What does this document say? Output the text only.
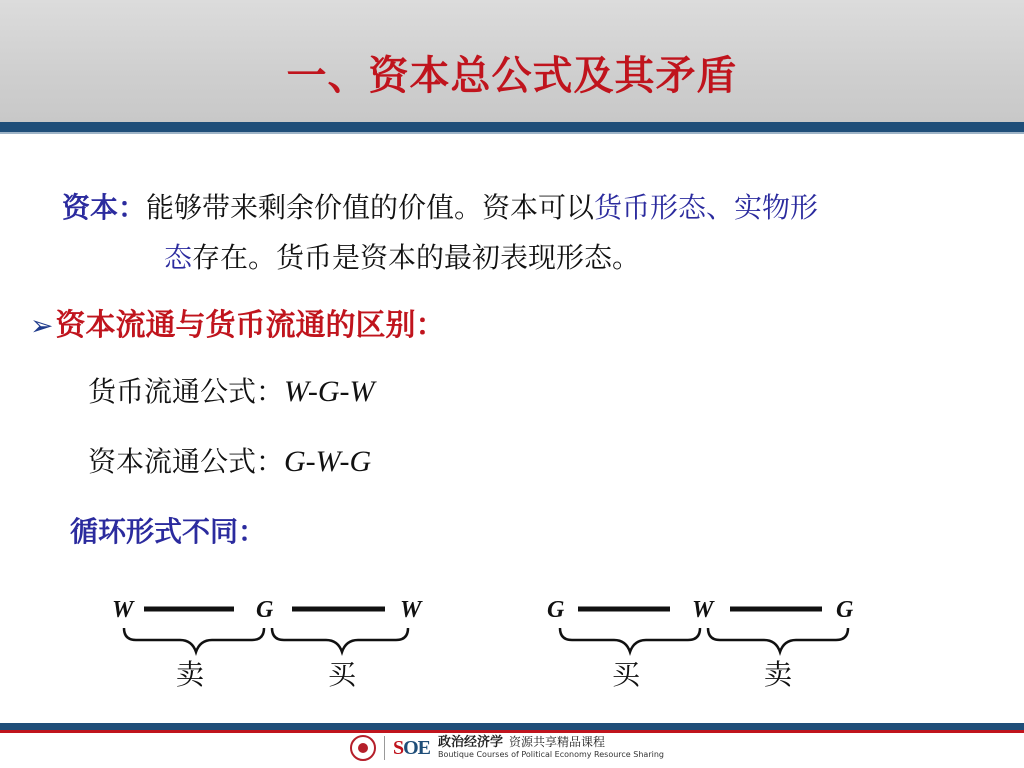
一、资本总公式及其矛盾
资本：能够带来剩余价值的价值。资本可以货币形态、实物形
态存在。货币是资本的最初表现形态。
➢资本流通与货币流通的区别：
货币流通公式：W-G-W
资本流通公式：G-W-G
循环形式不同：
W	G	W
卖	买
G	W	G
买	卖
SOE 政治经济学 资源共享精品课程
Boutique Courses of Political Economy Resource Sharing
